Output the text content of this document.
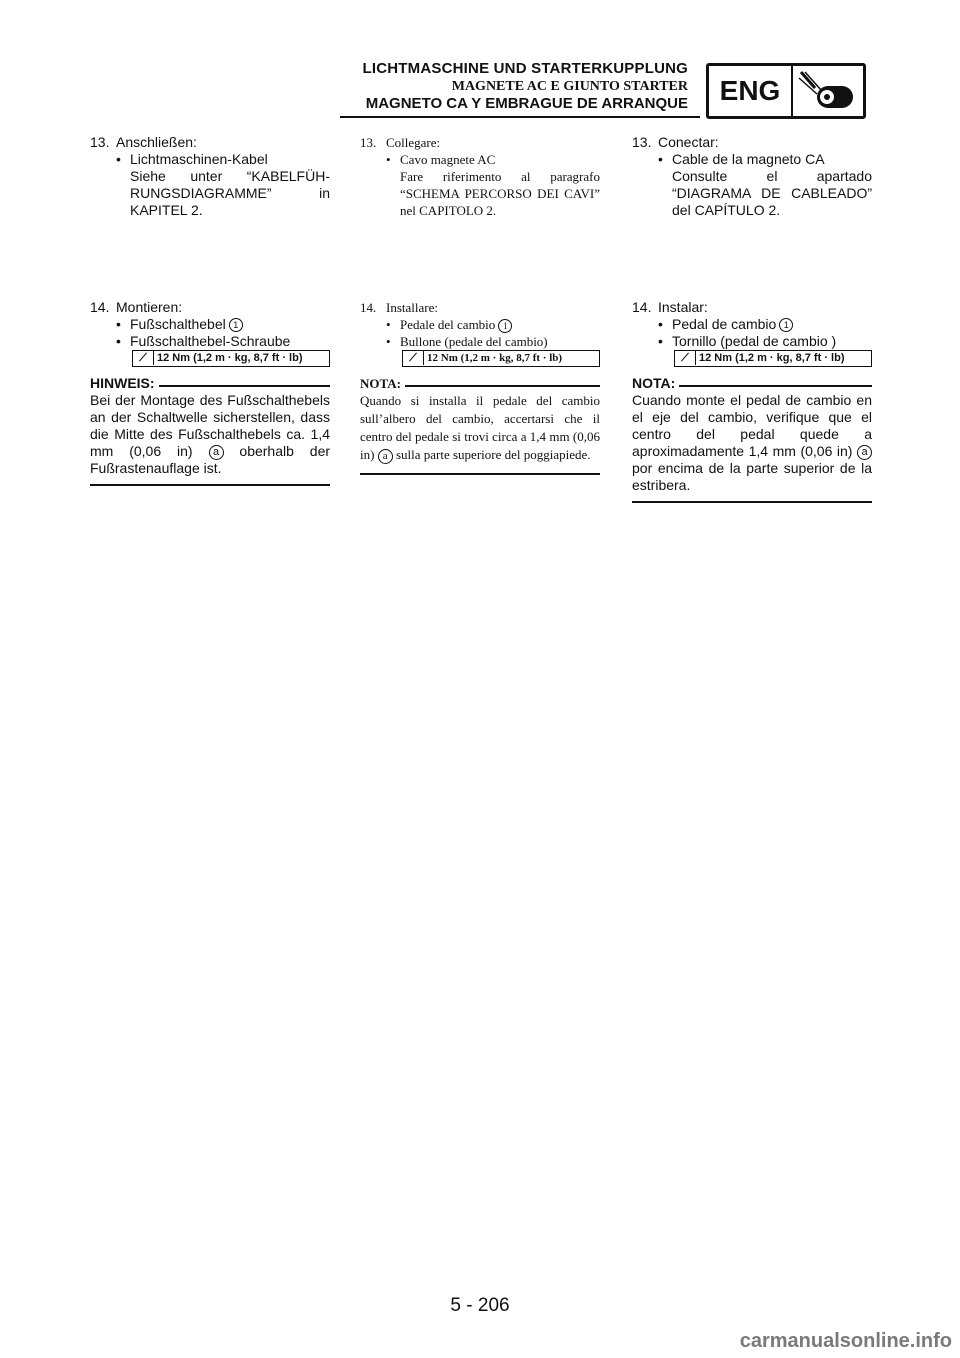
LICHTMASCHINE UND STARTERKUPPLUNG
MAGNETE AC E GIUNTO STARTER
MAGNETO CA Y EMBRAGUE DE ARRANQUE	ENG
13. Anschließen:
• Lichtmaschinen-Kabel
Siehe unter “KABELFÜH-RUNGSDIAGRAMME” in KAPITEL 2.
14. Montieren:
• Fußschalthebel 1
• Fußschalthebel-Schraube
⟋ 12 Nm (1,2 m · kg, 8,7 ft · lb)
HINWEIS:
Bei der Montage des Fußschalthebels an der Schaltwelle sicherstellen, dass die Mitte des Fußschalthebels ca. 1,4 mm (0,06 in) a oberhalb der Fußrastenauflage ist.
13. Collegare:
• Cavo magnete AC
Fare riferimento al paragrafo “SCHEMA PERCORSO DEI CAVI” nel CAPITOLO 2.
14. Installare:
• Pedale del cambio 1
• Bullone (pedale del cambio)
⟋ 12 Nm (1,2 m · kg, 8,7 ft · lb)
NOTA:
Quando si installa il pedale del cambio sull’albero del cambio, accertarsi che il centro del pedale si trovi circa a 1,4 mm (0,06 in) a sulla parte superiore del poggiapiede.
13. Conectar:
• Cable de la magneto CA
Consulte el apartado “DIAGRAMA DE CABLEADO” del CAPÍTULO 2.
14. Instalar:
• Pedal de cambio 1
• Tornillo (pedal de cambio )
⟋ 12 Nm (1,2 m · kg, 8,7 ft · lb)
NOTA:
Cuando monte el pedal de cambio en el eje del cambio, verifique que el centro del pedal quede a aproximadamente 1,4 mm (0,06 in) a por encima de la parte superior de la estribera.
5 - 206
carmanualsonline.info
